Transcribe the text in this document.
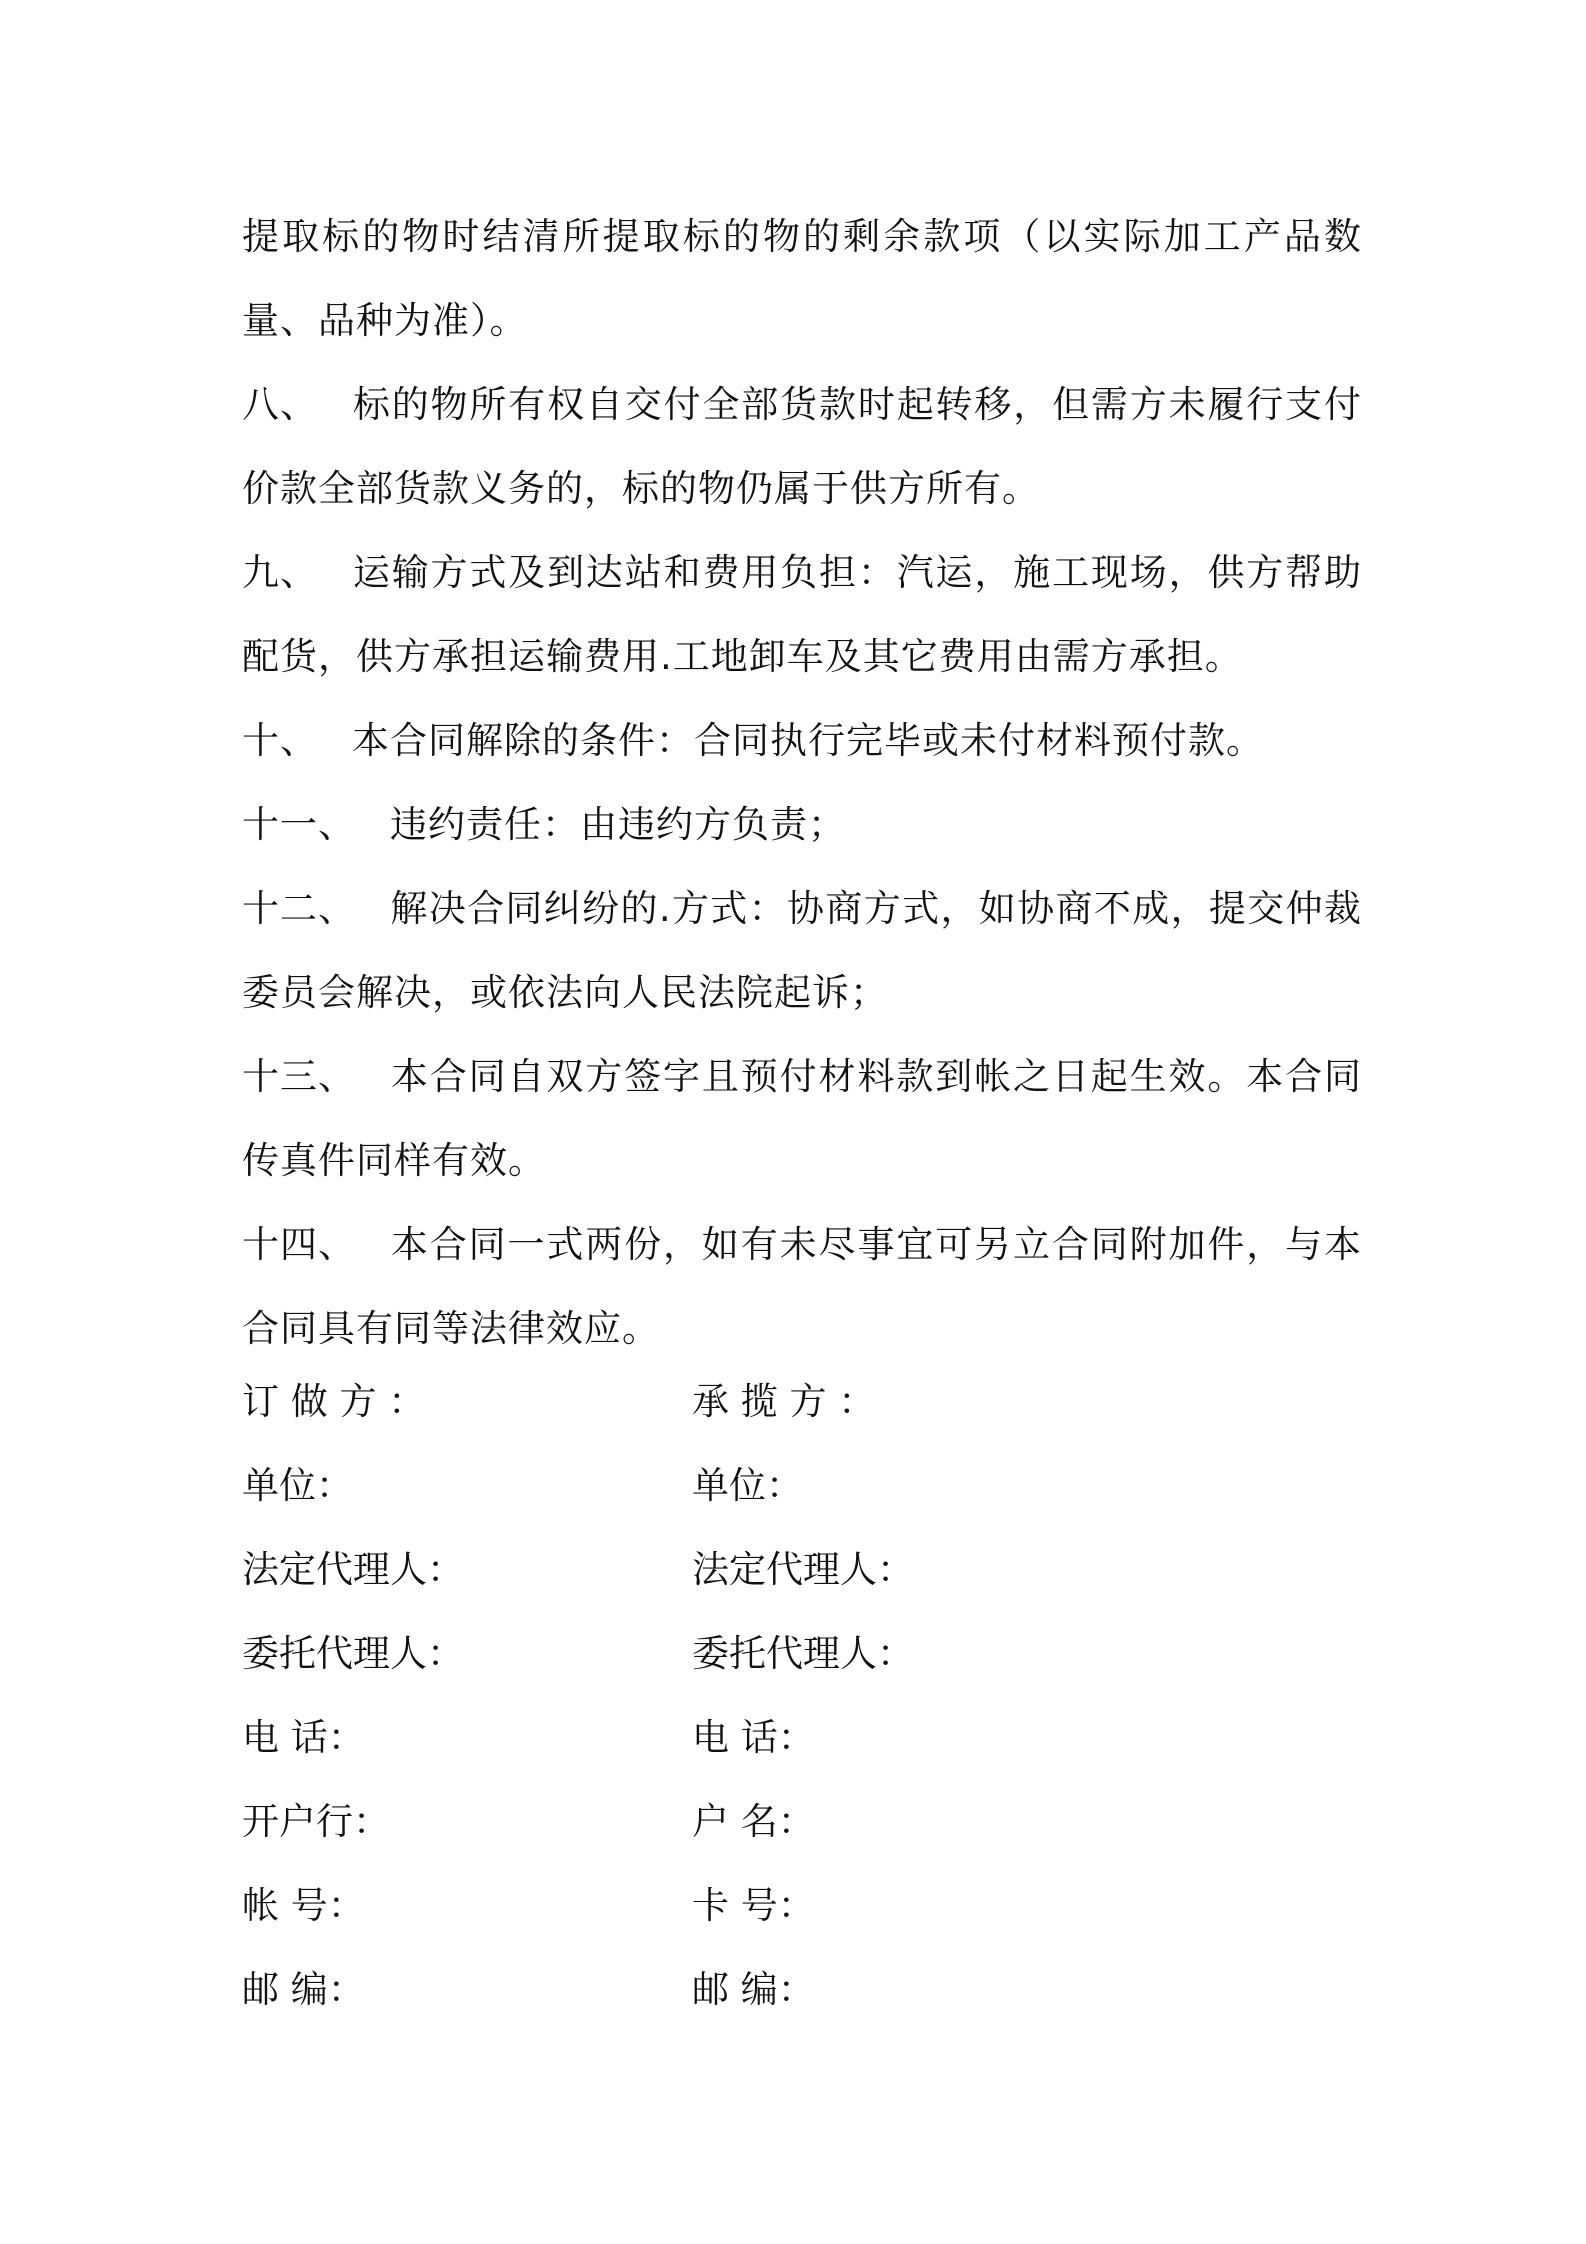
提取标的物时结清所提取标的物的剩余款项（以实际加工产品数量、品种为准）。

八、 标的物所有权自交付全部货款时起转移，但需方未履行支付价款全部货款义务的，标的物仍属于供方所有。

九、 运输方式及到达站和费用负担：汽运，施工现场，供方帮助配货，供方承担运输费用.工地卸车及其它费用由需方承担。

十、 本合同解除的条件：合同执行完毕或未付材料预付款。

十一、 违约责任：由违约方负责；

十二、 解决合同纠纷的.方式：协商方式，如协商不成，提交仲裁委员会解决，或依法向人民法院起诉；

十三、 本合同自双方签字且预付材料款到帐之日起生效。本合同传真件同样有效。

十四、 本合同一式两份，如有未尽事宜可另立合同附加件，与本合同具有同等法律效应。

订 做 方 ：	承 揽 方 ：
单位：	单位：
法定代理人：	法定代理人：
委托代理人：	委托代理人：
电 话：	电 话：
开户行：	户 名：
帐 号：	卡 号：
邮 编：	邮 编：
